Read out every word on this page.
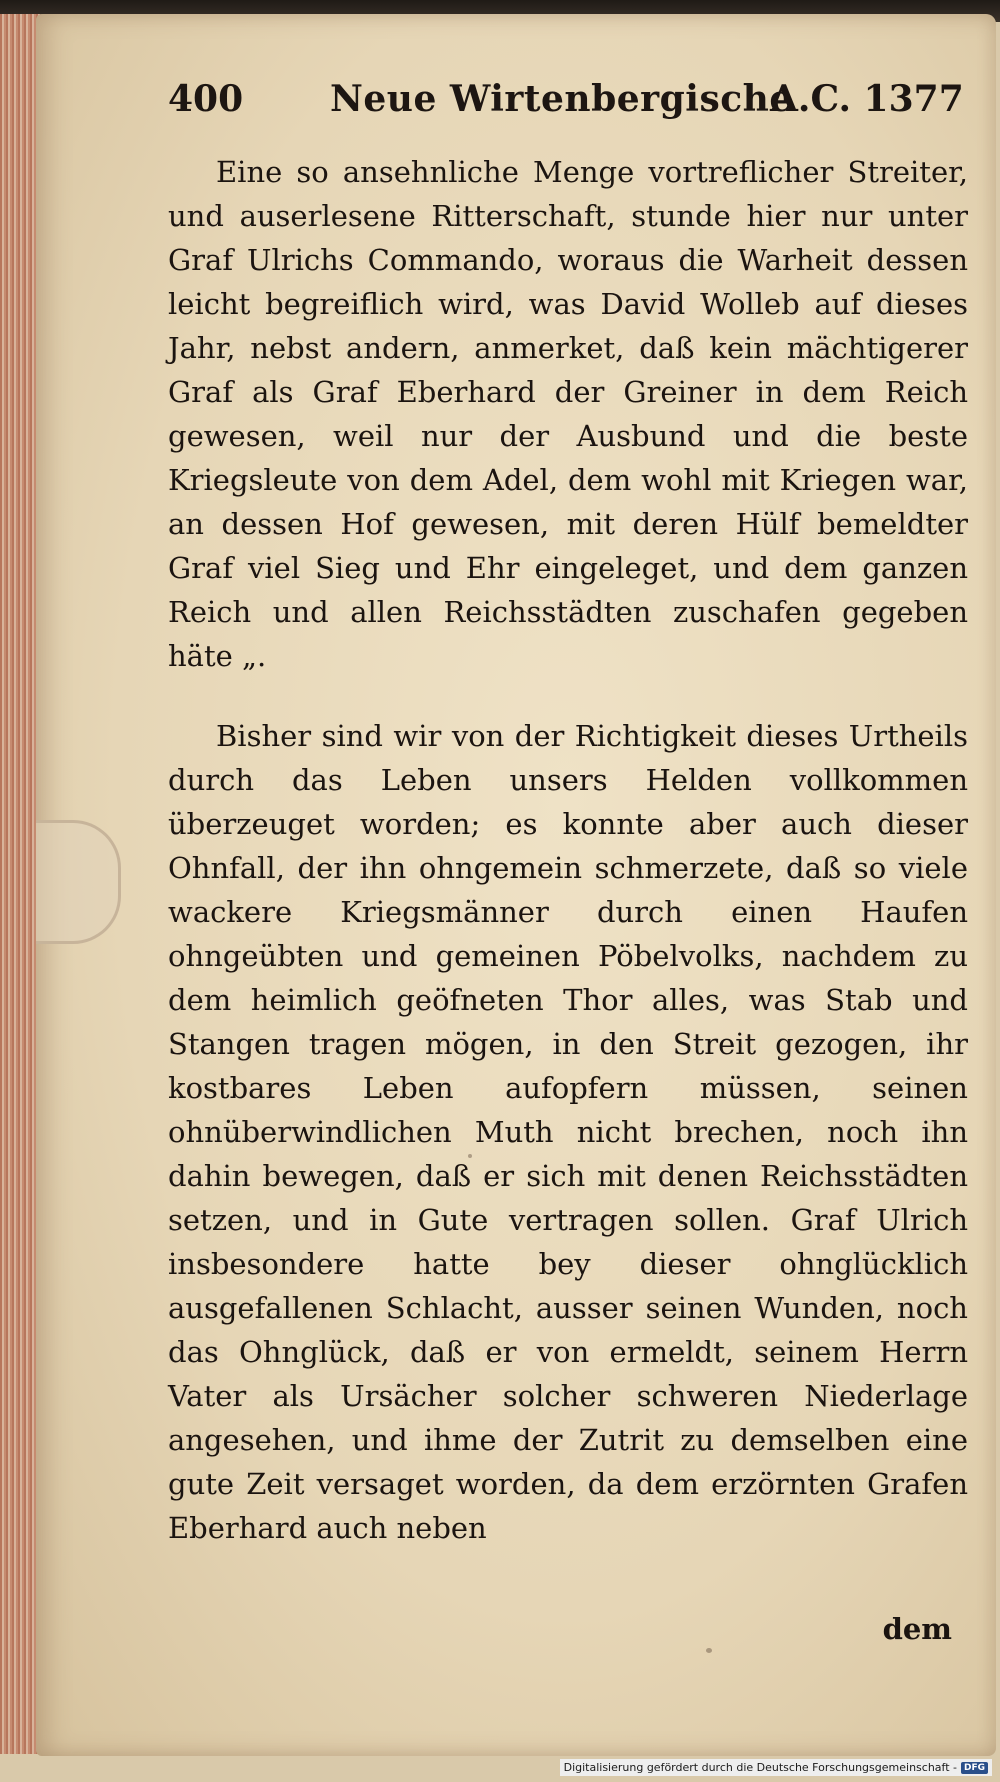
400 Neue Wirtenbergische
A.C. 1377

Eine so ansehnliche Menge vortreflicher Streiter, und auserlesene Ritterschaft, stunde hier nur unter Graf Ulrichs Commando, woraus die Warheit dessen leicht begreiflich wird, was David Wolleb auf dieses Jahr, nebst andern, anmerket, daß kein mächtigerer Graf als Graf Eberhard der Greiner in dem Reich gewesen, weil nur der Ausbund und die beste Kriegsleute von dem Adel, dem wohl mit Kriegen war, an dessen Hof gewesen, mit deren Hülf bemeldter Graf viel Sieg und Ehr eingeleget, und dem ganzen Reich und allen Reichsstädten zuschafen gegeben häte „.

Bisher sind wir von der Richtigkeit dieses Urtheils durch das Leben unsers Helden vollkommen überzeuget worden; es konnte aber auch dieser Ohnfall, der ihn ohngemein schmerzete, daß so viele wackere Kriegsmänner durch einen Haufen ohngeübten und gemeinen Pöbelvolks, nachdem zu dem heimlich geöfneten Thor alles, was Stab und Stangen tragen mögen, in den Streit gezogen, ihr kostbares Leben aufopfern müssen, seinen ohnüberwindlichen Muth nicht brechen, noch ihn dahin bewegen, daß er sich mit denen Reichsstädten setzen, und in Gute vertragen sollen. Graf Ulrich insbesondere hatte bey dieser ohnglücklich ausgefallenen Schlacht, ausser seinen Wunden, noch das Ohnglück, daß er von ermeldt, seinem Herrn Vater als Ursächer solcher schweren Niederlage angesehen, und ihme der Zutrit zu demselben eine gute Zeit versaget worden, da dem erzörnten Grafen Eberhard auch neben

dem
Digitalisierung gefördert durch die Deutsche Forschungsgemeinschaft - DFG
